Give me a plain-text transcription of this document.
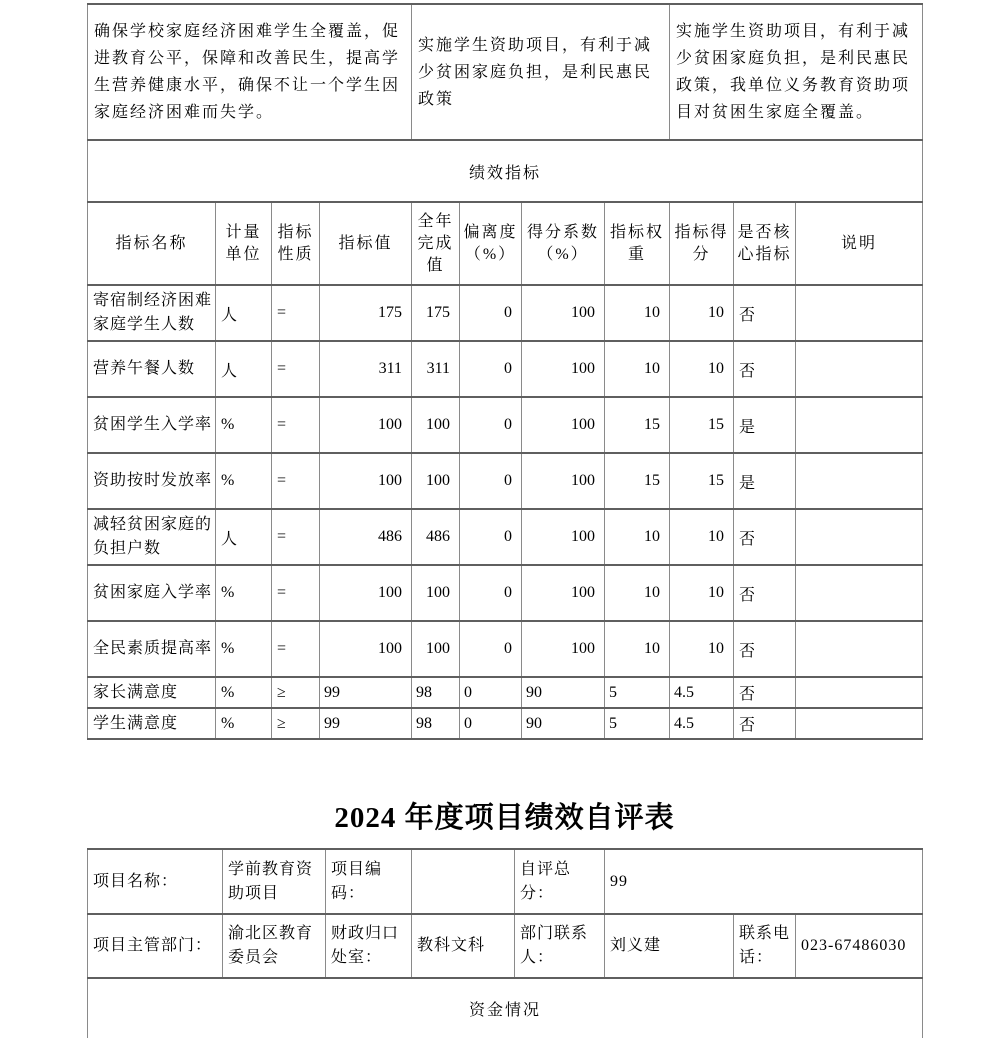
确保学校家庭经济困难学生全覆盖，促进教育公平，保障和改善民生，提高学生营养健康水平，确保不让一个学生因家庭经济困难而失学。				实施学生资助项目，有利于减少贫困家庭负担，是利民惠民政策				实施学生资助项目，有利于减少贫困家庭负担，是利民惠民政策，我单位义务教育资助项目对贫困生家庭全覆盖。		
绩效指标										
指标名称	计量单位	指标性质	指标值	全年完成值	偏离度（%）	得分系数（%）	指标权重	指标得分	是否核心指标	说明
寄宿制经济困难家庭学生人数	人	=	175	175	0	100	10	10	否	
营养午餐人数	人	=	311	311	0	100	10	10	否	
贫困学生入学率	%	=	100	100	0	100	15	15	是	
资助按时发放率	%	=	100	100	0	100	15	15	是	
减轻贫困家庭的负担户数	人	=	486	486	0	100	10	10	否	
贫困家庭入学率	%	=	100	100	0	100	10	10	否	
全民素质提高率	%	=	100	100	0	100	10	10	否	
家长满意度	%	≥	99	98	0	90	5	4.5	否	
学生满意度	%	≥	99	98	0	90	5	4.5	否	
2024 年度项目绩效自评表
项目名称：	学前教育资助项目	项目编码：		自评总分：	99		
项目主管部门：	渝北区教育委员会	财政归口处室：	教科文科	部门联系人：	刘义建	联系电话：	023-67486030
资金情况							
